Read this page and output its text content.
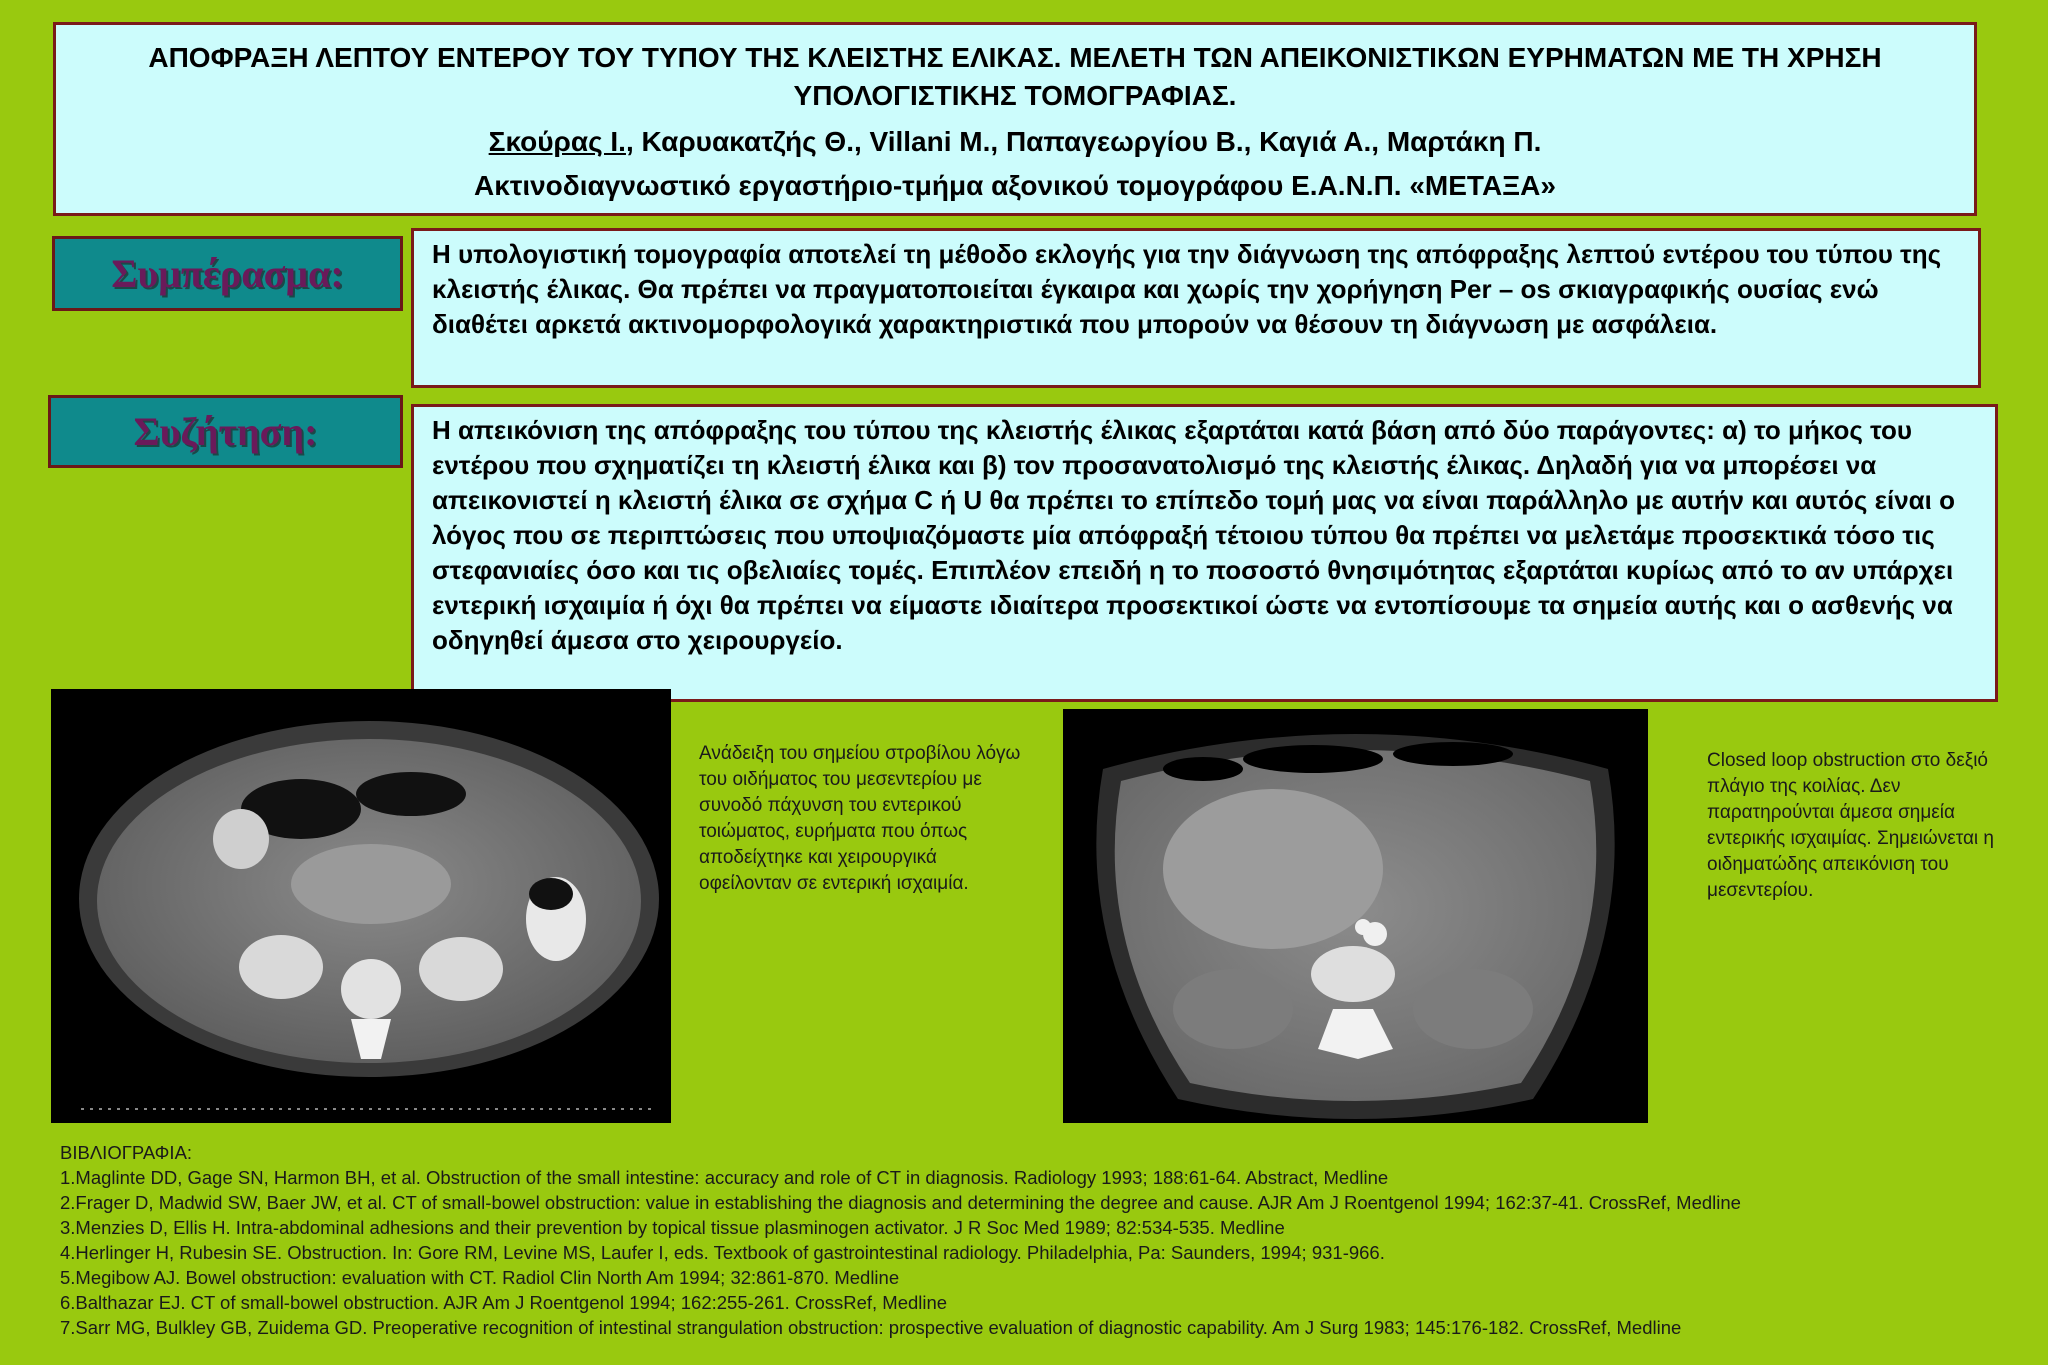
ΑΠΟΦΡΑΞΗ ΛΕΠΤΟΥ ΕΝΤΕΡΟΥ ΤΟΥ ΤΥΠΟΥ ΤΗΣ ΚΛΕΙΣΤΗΣ ΕΛΙΚΑΣ. ΜΕΛΕΤΗ ΤΩΝ ΑΠΕΙΚΟΝΙΣΤΙΚΩΝ ΕΥΡΗΜΑΤΩΝ ΜΕ ΤΗ ΧΡΗΣΗ ΥΠΟΛΟΓΙΣΤΙΚΗΣ ΤΟΜΟΓΡΑΦΙΑΣ.
Σκούρας Ι., Καρυακατζής Θ., Villani Μ., Παπαγεωργίου Β., Καγιά Α., Μαρτάκη Π.
Ακτινοδιαγνωστικό εργαστήριο-τμήμα αξονικού τομογράφου Ε.Α.Ν.Π. «ΜΕΤΑΞΑ»
Συμπέρασμα:	Η υπολογιστική τομογραφία αποτελεί τη μέθοδο εκλογής για την διάγνωση της απόφραξης λεπτού εντέρου του τύπου της κλειστής έλικας. Θα πρέπει να πραγματοποιείται έγκαιρα και χωρίς την χορήγηση Per – os σκιαγραφικής ουσίας ενώ διαθέτει αρκετά ακτινομορφολογικά χαρακτηριστικά που μπορούν να θέσουν τη διάγνωση με ασφάλεια.
Συζήτηση:	Η απεικόνιση της απόφραξης του τύπου της κλειστής έλικας εξαρτάται κατά βάση από δύο παράγοντες: α) το μήκος του εντέρου που σχηματίζει τη κλειστή έλικα και β) τον προσανατολισμό της κλειστής έλικας. Δηλαδή για να μπορέσει να απεικονιστεί η κλειστή έλικα σε σχήμα C ή U θα πρέπει το επίπεδο τομή μας να είναι παράλληλο με αυτήν και αυτός είναι ο λόγος που σε περιπτώσεις που υποψιαζόμαστε μία απόφραξή τέτοιου τύπου θα πρέπει να μελετάμε προσεκτικά τόσο τις στεφανιαίες όσο και τις οβελιαίες τομές. Επιπλέον επειδή η το ποσοστό θνησιμότητας εξαρτάται κυρίως από το αν υπάρχει εντερική ισχαιμία ή όχι θα πρέπει να είμαστε ιδιαίτερα προσεκτικοί ώστε να εντοπίσουμε τα σημεία αυτής και ο ασθενής να οδηγηθεί άμεσα στο χειρουργείο.
Ανάδειξη του σημείου στροβίλου λόγω του οιδήματος του μεσεντερίου με συνοδό πάχυνση του εντερικού τοιώματος, ευρήματα που όπως αποδείχτηκε και χειρουργικά οφείλονταν σε εντερική ισχαιμία.
Closed loop obstruction στο δεξιό πλάγιο της κοιλίας. Δεν παρατηρούνται άμεσα σημεία εντερικής ισχαιμίας. Σημειώνεται η οιδηματώδης απεικόνιση του μεσεντερίου.
ΒΙΒΛΙΟΓΡΑΦΙΑ:
1.Maglinte DD, Gage SN, Harmon BH, et al. Obstruction of the small intestine: accuracy and role of CT in diagnosis. Radiology 1993; 188:61-64. Abstract, Medline
2.Frager D, Madwid SW, Baer JW, et al. CT of small-bowel obstruction: value in establishing the diagnosis and determining the degree and cause. AJR Am J Roentgenol 1994; 162:37-41. CrossRef, Medline
3.Menzies D, Ellis H. Intra-abdominal adhesions and their prevention by topical tissue plasminogen activator. J R Soc Med 1989; 82:534-535. Medline
4.Herlinger H, Rubesin SE. Obstruction. In: Gore RM, Levine MS, Laufer I, eds. Textbook of gastrointestinal radiology. Philadelphia, Pa: Saunders, 1994; 931-966.
5.Megibow AJ. Bowel obstruction: evaluation with CT. Radiol Clin North Am 1994; 32:861-870. Medline
6.Balthazar EJ. CT of small-bowel obstruction. AJR Am J Roentgenol 1994; 162:255-261. CrossRef, Medline
7.Sarr MG, Bulkley GB, Zuidema GD. Preoperative recognition of intestinal strangulation obstruction: prospective evaluation of diagnostic capability. Am J Surg 1983; 145:176-182. CrossRef, Medline
